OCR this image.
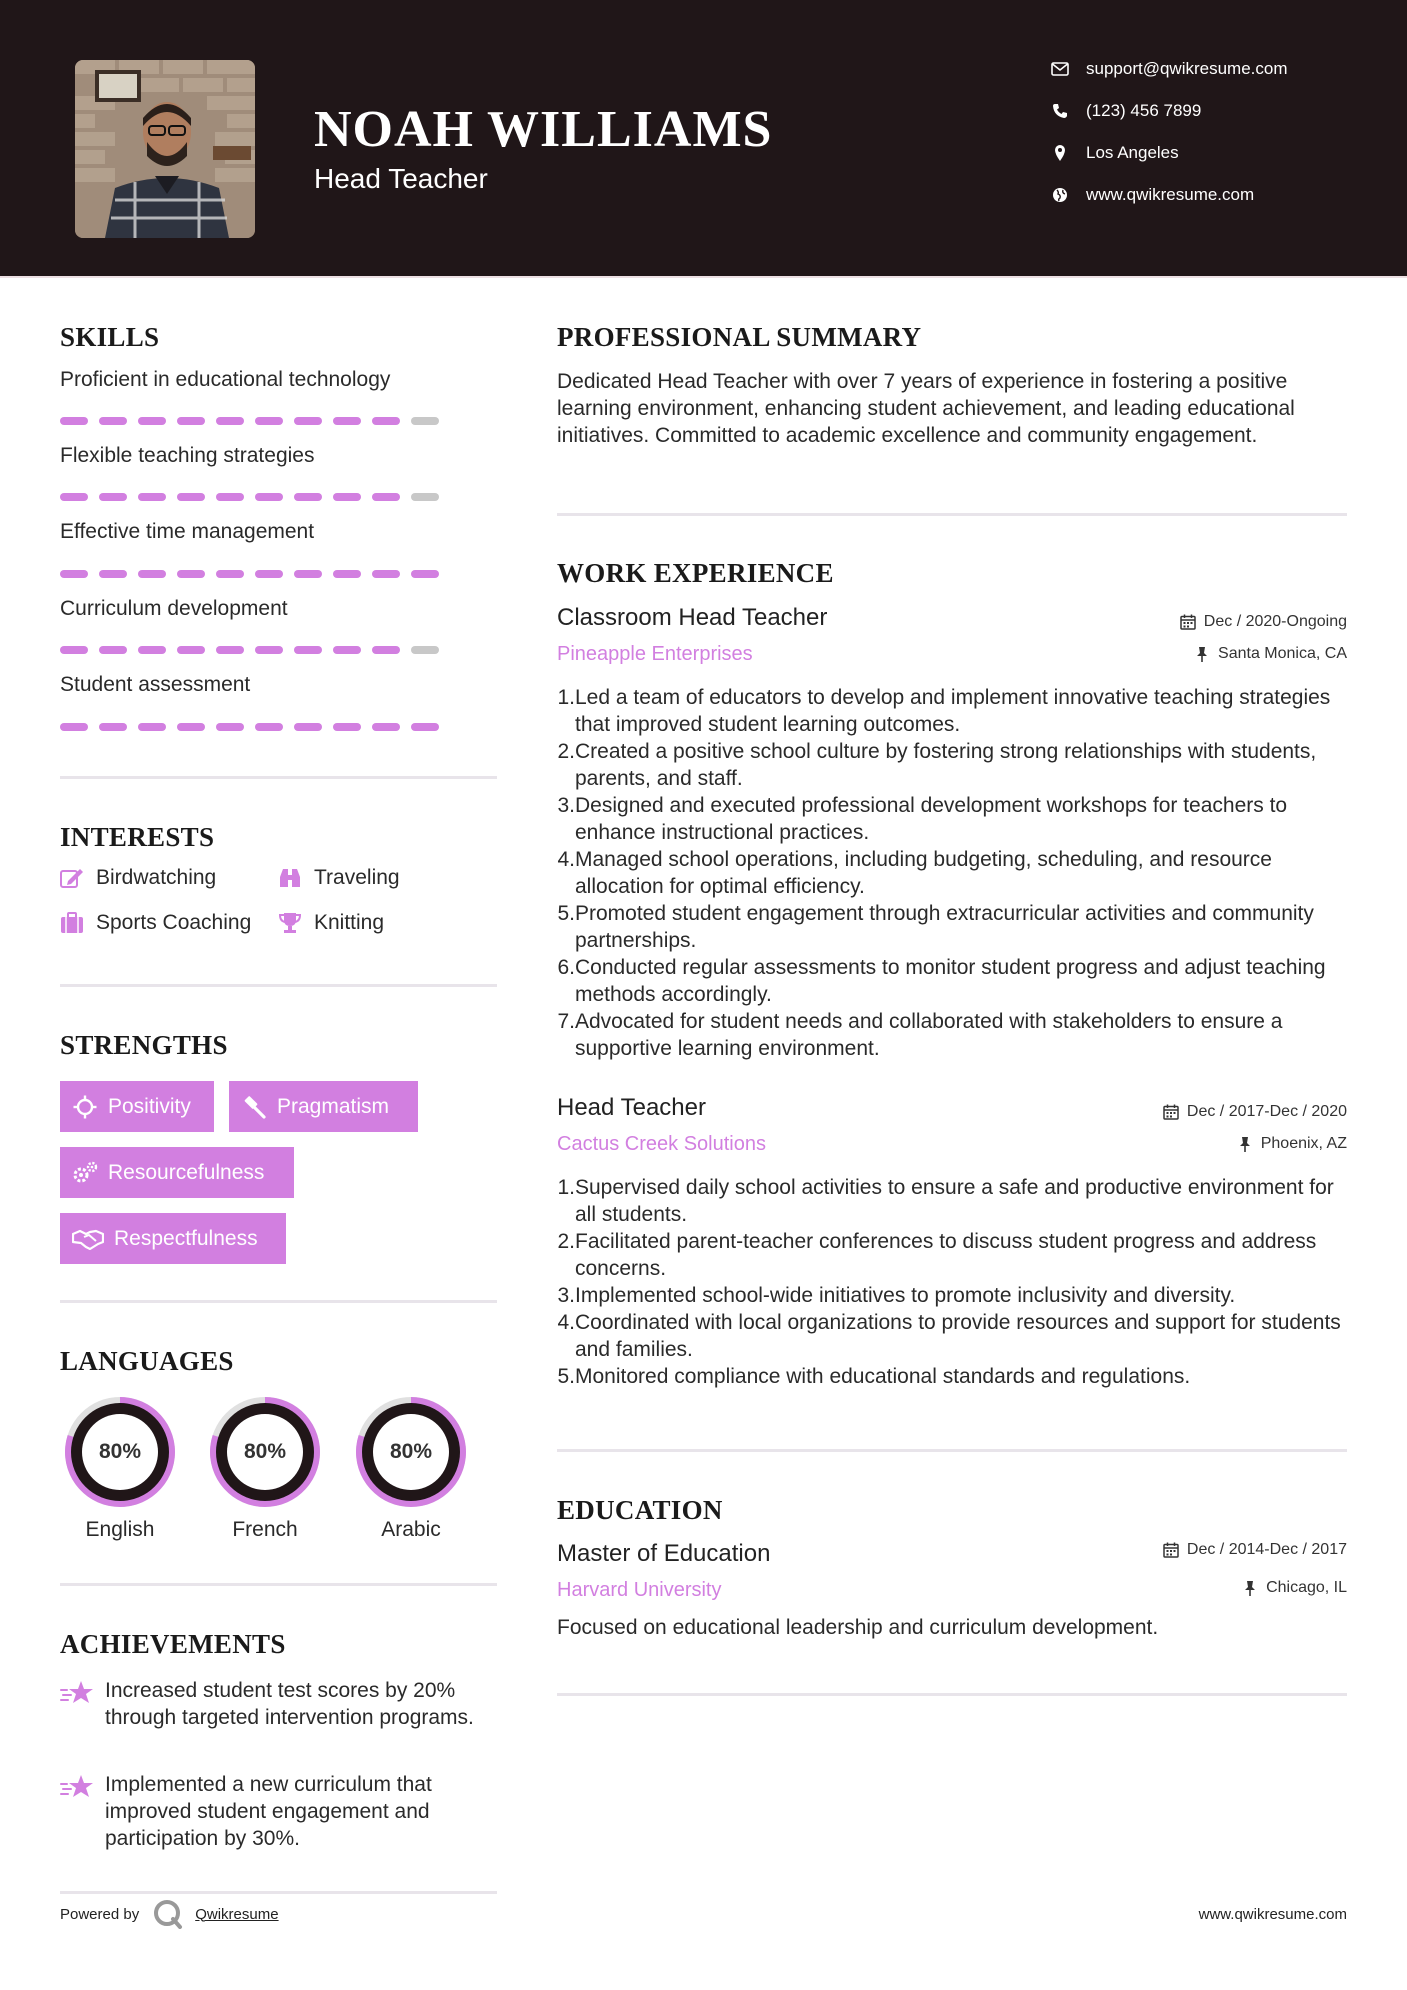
NOAH WILLIAMS
Head Teacher
support@qwikresume.com
(123) 456 7899
Los Angeles
www.qwikresume.com
SKILLS
Proficient in educational technology
Flexible teaching strategies
Effective time management
Curriculum development
Student assessment
INTERESTS
Birdwatching	Traveling
Sports Coaching	Knitting
STRENGTHS
Positivity	Pragmatism
Resourcefulness
Respectfulness
LANGUAGES
80%
English
80%
French
80%
Arabic
ACHIEVEMENTS
Increased student test scores by 20% through targeted intervention programs.
Implemented a new curriculum that improved student engagement and participation by 30%.
PROFESSIONAL SUMMARY
Dedicated Head Teacher with over 7 years of experience in fostering a positive learning environment, enhancing student achievement, and leading educational initiatives. Committed to academic excellence and community engagement.
WORK EXPERIENCE
Classroom Head Teacher	Dec / 2020-Ongoing
Pineapple Enterprises	Santa Monica, CA
1. Led a team of educators to develop and implement innovative teaching strategies that improved student learning outcomes.
2. Created a positive school culture by fostering strong relationships with students, parents, and staff.
3. Designed and executed professional development workshops for teachers to enhance instructional practices.
4. Managed school operations, including budgeting, scheduling, and resource allocation for optimal efficiency.
5. Promoted student engagement through extracurricular activities and community partnerships.
6. Conducted regular assessments to monitor student progress and adjust teaching methods accordingly.
7. Advocated for student needs and collaborated with stakeholders to ensure a supportive learning environment.
Head Teacher	Dec / 2017-Dec / 2020
Cactus Creek Solutions	Phoenix, AZ
1. Supervised daily school activities to ensure a safe and productive environment for all students.
2. Facilitated parent-teacher conferences to discuss student progress and address concerns.
3. Implemented school-wide initiatives to promote inclusivity and diversity.
4. Coordinated with local organizations to provide resources and support for students and families.
5. Monitored compliance with educational standards and regulations.
EDUCATION
Master of Education	Dec / 2014-Dec / 2017
Harvard University	Chicago, IL
Focused on educational leadership and curriculum development.
Powered by	Qwikresume	www.qwikresume.com
